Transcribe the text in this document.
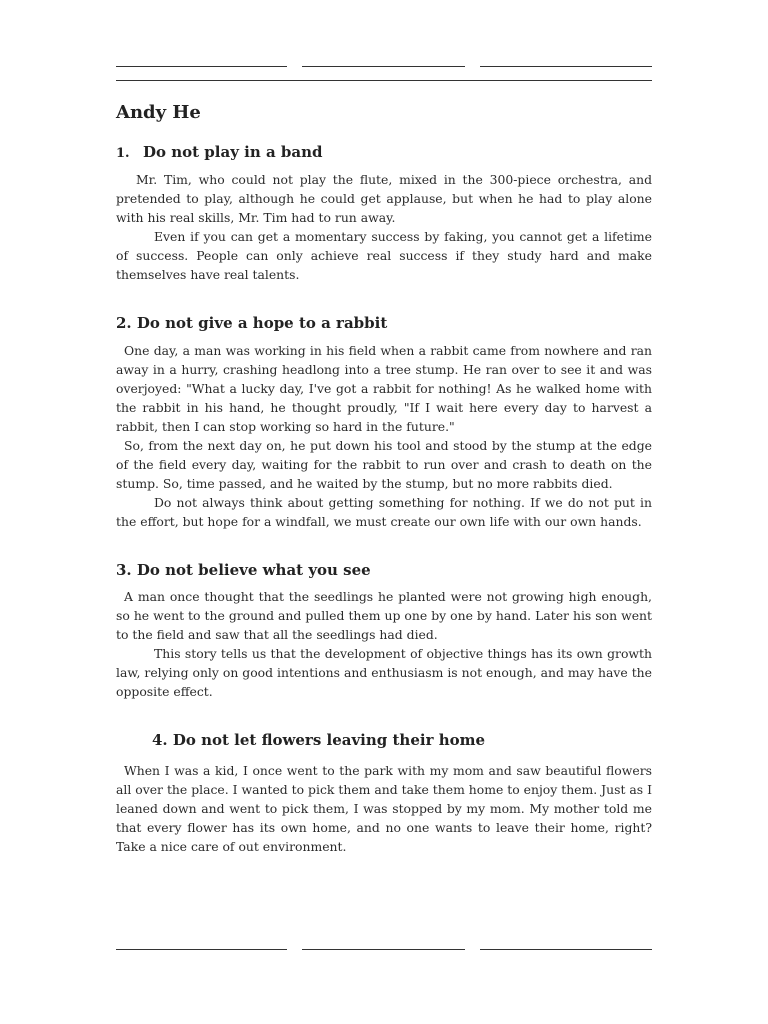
Andy He
1. Do not play in a band

Mr. Tim, who could not play the flute, mixed in the 300-piece orchestra, and pretended to play, although he could get applause, but when he had to play alone with his real skills, Mr. Tim had to run away.

Even if you can get a momentary success by faking, you cannot get a lifetime of success. People can only achieve real success if they study hard and make themselves have real talents.

2. Do not give a hope to a rabbit

One day, a man was working in his field when a rabbit came from nowhere and ran away in a hurry, crashing headlong into a tree stump. He ran over to see it and was overjoyed: "What a lucky day, I've got a rabbit for nothing! As he walked home with the rabbit in his hand, he thought proudly, "If I wait here every day to harvest a rabbit, then I can stop working so hard in the future."

So, from the next day on, he put down his tool and stood by the stump at the edge of the field every day, waiting for the rabbit to run over and crash to death on the stump. So, time passed, and he waited by the stump, but no more rabbits died.

Do not always think about getting something for nothing. If we do not put in the effort, but hope for a windfall, we must create our own life with our own hands.

3. Do not believe what you see

A man once thought that the seedlings he planted were not growing high enough, so he went to the ground and pulled them up one by one by hand. Later his son went to the field and saw that all the seedlings had died.

This story tells us that the development of objective things has its own growth law, relying only on good intentions and enthusiasm is not enough, and may have the opposite effect.

4. Do not let flowers leaving their home

When I was a kid, I once went to the park with my mom and saw beautiful flowers all over the place. I wanted to pick them and take them home to enjoy them. Just as I leaned down and went to pick them, I was stopped by my mom. My mother told me that every flower has its own home, and no one wants to leave their home, right? Take a nice care of out environment.
